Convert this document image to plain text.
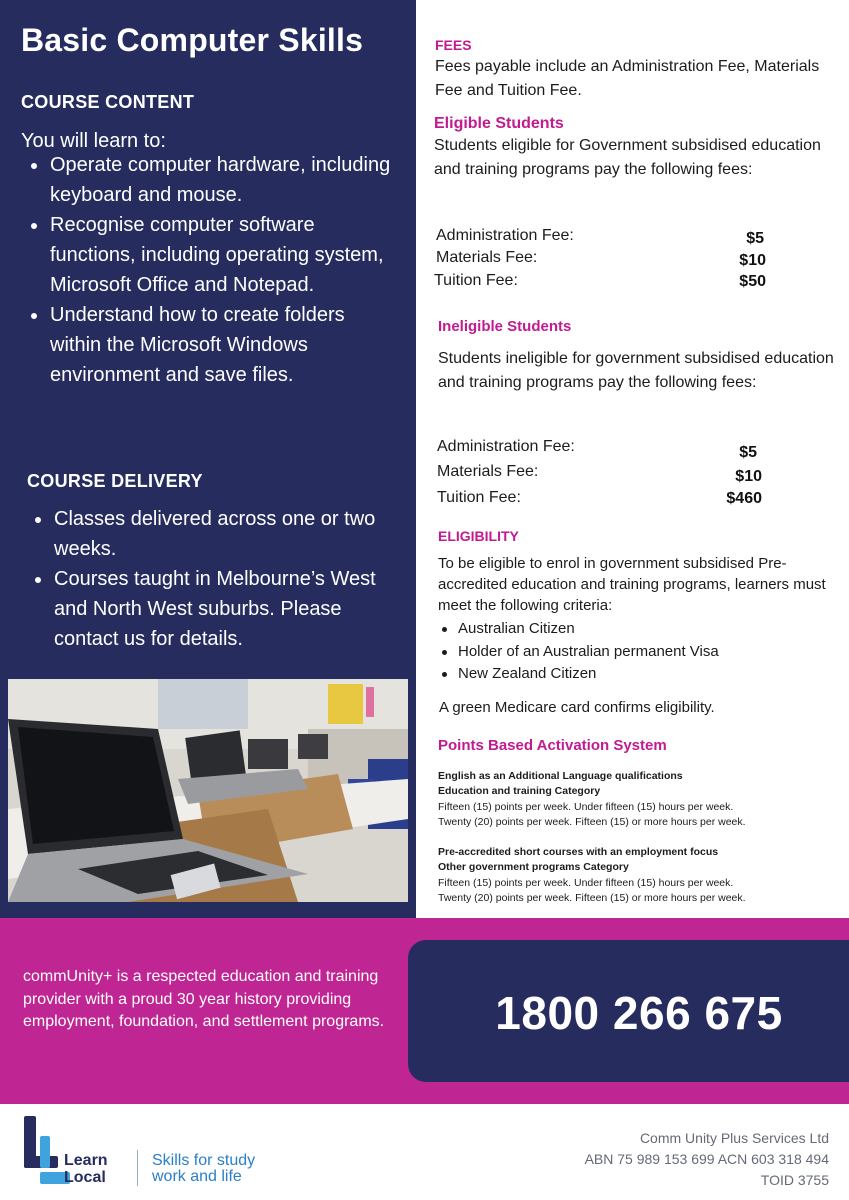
Basic Computer Skills
COURSE CONTENT
You will learn to:
Operate computer hardware, including keyboard and mouse.
Recognise computer software functions, including operating system, Microsoft Office and Notepad.
Understand how to create folders within the Microsoft Windows environment and save files.
COURSE DELIVERY
Classes delivered across one or two weeks.
Courses taught in Melbourne’s West and North West suburbs. Please contact us for details.
FEES
Fees payable include an Administration Fee, Materials Fee and Tuition Fee.
Eligible Students
Students eligible for Government subsidised education and training programs pay the following fees:
Administration Fee:	$5
Materials Fee:	$10
Tuition Fee:	$50
Ineligible Students
Students ineligible for government subsidised education and training programs pay the following fees:
Administration Fee:	$5
Materials Fee:	$10
Tuition Fee:	$460
ELIGIBILITY
To be eligible to enrol in government subsidised Pre-accredited education and training programs, learners must meet the following criteria:
Australian Citizen
Holder of an Australian permanent Visa
New Zealand Citizen
A green Medicare card confirms eligibility.
Points Based Activation System
English as an Additional Language qualifications
Education and training Category
Fifteen (15) points per week. Under fifteen (15) hours per week.
Twenty (20) points per week. Fifteen (15) or more hours per week.
Pre-accredited short courses with an employment focus
Other government programs Category
Fifteen (15) points per week. Under fifteen (15) hours per week.
Twenty (20) points per week. Fifteen (15) or more hours per week.
commUnity+ is a respected education and training provider with a proud 30 year history providing employment, foundation, and settlement programs.	1800 266 675
Learn
Local
Skills for study
work and life
Comm Unity Plus Services Ltd
ABN 75 989 153 699 ACN 603 318 494
TOID 3755
